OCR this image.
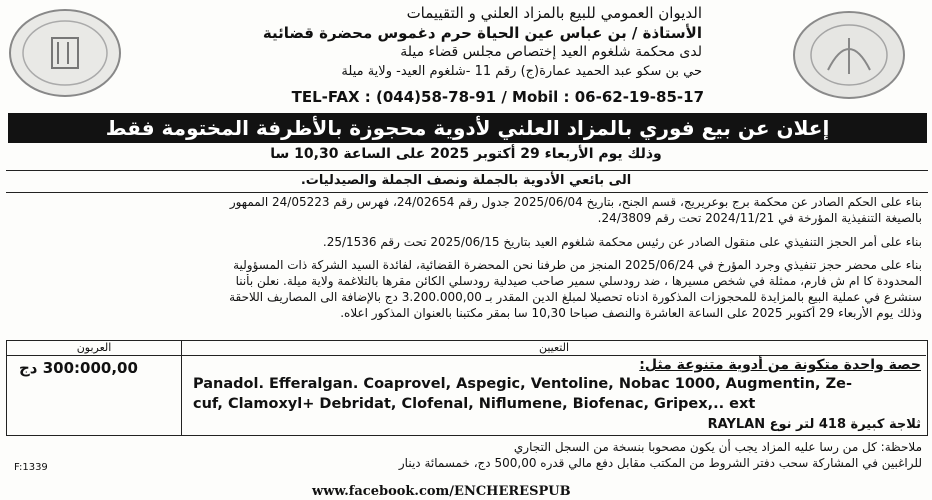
الديوان العمومي للبيع بالمزاد العلني و التقييمات
الأستاذة / بن عباس عين الحياة حرم دغموس محضرة قضائية
لدى محكمة شلغوم العيد إختصاص مجلس قضاء ميلة
حي بن سكو عبد الحميد عمارة(ج) رقم 11 -شلغوم العيد- ولاية ميلة
TEL-FAX : (044)58-78-91 / Mobil : 06-62-19-85-17
إعلان عن بيع فوري بالمزاد العلني لأدوية محجوزة بالأظرفة المختومة فقط
وذلك يوم الأربعاء 29 أكتوبر 2025 على الساعة 10,30 سا
الى بائعي الأدوية بالجملة ونصف الجملة والصيدليات.
بناء على الحكم الصادر عن محكمة برج بوعريريج، قسم الجنح، بتاريخ 2025/06/04 جدول رقم 24/02654، فهرس رقم 24/05223 الممهور
بالصيغة التنفيذية المؤرخة في 2024/11/21 تحت رقم 24/3809.
بناء على أمر الحجز التنفيذي على منقول الصادر عن رئيس محكمة شلغوم العيد بتاريخ 2025/06/15 تحت رقم 25/1536.
بناء على محضر حجز تنفيذي وجرد المؤرخ في 2025/06/24 المنجز من طرفنا نحن المحضرة القضائية، لفائدة السيد الشركة ذات المسؤولية
المحدودة كا ام ش فارم، ممثلة في شخص مسيرها ، ضد رودسلي سمير صاحب صيدلية رودسلي الكائن مقرها بالتلاغمة ولاية ميلة. نعلن بأننا
سنشرع في عملية البيع بالمزايدة للمحجوزات المذكورة ادناه تحصيلا لمبلغ الدين المقدر بـ 3.200.000,00 دج بالإضافة الى المصاريف اللاحقة
وذلك يوم الأربعاء 29 أكتوبر 2025 على الساعة العاشرة والنصف صباحا 10,30 سا بمقر مكتبنا بالعنوان المذكور اعلاه.
العربون	التعيين
300:000,00 دج	حصة واحدة متكونة من أدوية متنوعة مثل:
Panadol. Efferalgan. Coaprovel, Aspegic, Ventoline, Nobac 1000, Augmentin, Ze-
cuf, Clamoxyl+ Debridat, Clofenal, Niflumene, Biofenac, Gripex,.. ext
ثلاجة كبيرة 418 لتر نوع RAYLAN
ملاحظة: كل من رسا عليه المزاد يجب أن يكون مصحوبا بنسخة من السجل التجاري
F:1339	للراغبين في المشاركة سحب دفتر الشروط من المكتب مقابل دفع مالي قدره 500,00 دج، خمسمائة دينار
www.facebook.com/ENCHERESPUB
